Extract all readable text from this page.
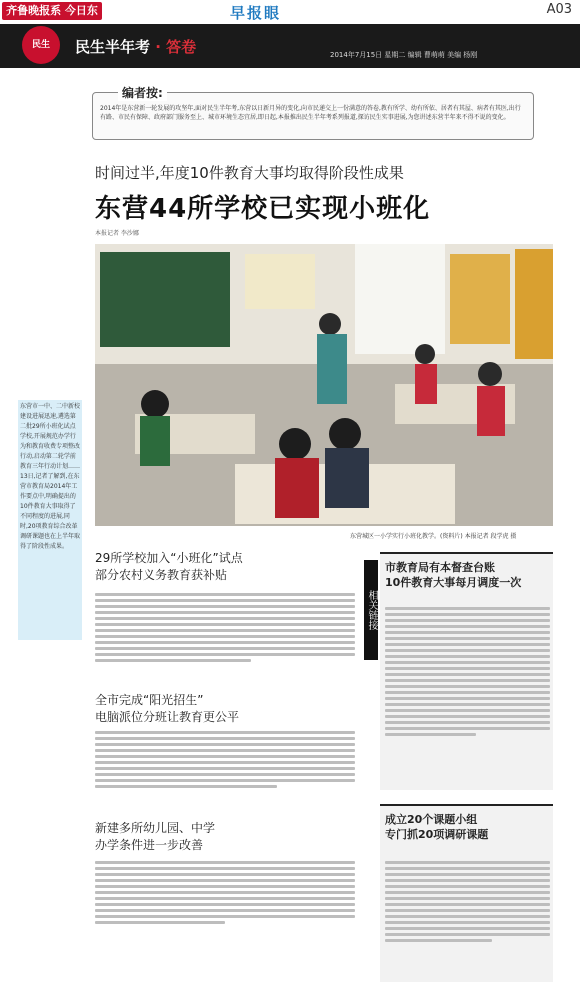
齐鲁晚报系 今日东	早报眼	A03
民生	民生半年考 · 答卷	2014年7月15日 星期二 编辑 曹萌萌 美编 杨刚
编者按:
2014年是东营新一轮发展的攻坚年,面对民生半年考,东营以日新月异的变化,向市民递交上一份满意的答卷,教有所学、幼有所依、居者有其屋、病者有其医,出行有路、市民有保障、政府部门服务至上、城市环境生态宜居,即日起,本报推出民生半年考系列报道,探访民生实事进展,为您讲述东营半年来不得不说的变化。
时间过半,年度10件教育大事均取得阶段性成果
东营44所学校已实现小班化
本报记者 李沙娜
东营城区一小学实行小班化教学。(资料片) 本报记者 段学虎 摄
东营市一中、二中新校建设进展迅速,遴选第二批29所小班化试点学校,开展规范办学行为和教育收费专项整改行动,启动第二轮学前教育三年行动计划……13日,记者了解到,在东营市教育局2014年工作要点中,明确提出的10件教育大事取得了不同程度的进展,同时,20项教育综合改革调研课题也在上半年取得了阶段性成果。
29所学校加入“小班化”试点
部分农村义务教育获补贴
全市完成“阳光招生”
电脑派位分班让教育更公平
新建多所幼儿园、中学
办学条件进一步改善
相关链接
市教育局有本督查台账
10件教育大事每月调度一次
成立20个课题小组
专门抓20项调研课题
